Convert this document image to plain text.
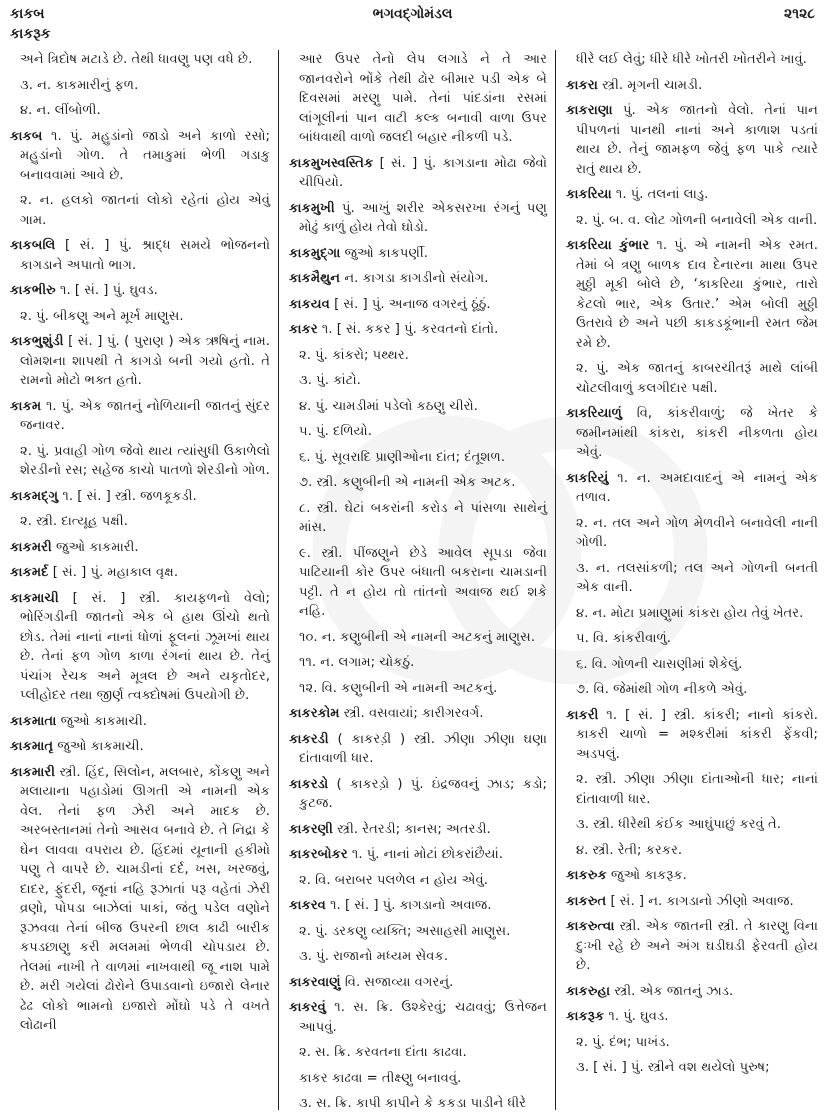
કાકબ	ભગવદ્ગોમંડલ	૨૧૨૮
કાકરૂક

અને ત્રિદોષ મટાડે છે. તેથી ધાવણુ પણ વધે છે.

૩. ન. કાકમારીનું ફળ.

૪. ન. લીંબોળી.

કાકબ ૧. પું. મહુડાંનો જાડો અને કાળો રસો; મહુડાંનો ગોળ. તે તમાકુમાં ભેળી ગડાકુ બનાવવામાં આવે છે.

૨. ન. હલકો જાતનાં લોકો રહેતાં હોય એવું ગામ.

કાકબલિ [ સં. ] પું. શ્રાદ્ધ સમયે ભોજનનો કાગડાને અપાતો ભાગ.

કાકભીરુ ૧. [ સં. ] પું. ઘુવડ.

૨. પું. બીકણુ અને મૂર્ખ માણુસ.

કાકભુશુંડી [ સં. ] પું. ( પુરાણ ) એક ઋષિનું નામ. લોમશના શાપથી તે કાગડો બની ગયો હતો. તે રામનો મોટો ભક્ત હતો.

કાકમ ૧. પું. એક જાતનું નોળિયાની જાતનું સુંદર જનાવર.

૨. પું. પ્રવાહી ગોળ જેવો થાય ત્યાંસુધી ઉકાળેલો શેરડીનો રસ; સહેજ કાચો પાતળો શેરડીનો ગોળ.

કાકમદ્ગુ ૧. [ સં. ] સ્ત્રી. જળકૂકડી.

૨. સ્ત્રી. દાત્યૂહ પક્ષી.

કાકમરી જુઓ કાકમારી.

કાકમર્દ [ સં. ] પું. મહાકાલ વૃક્ષ.

કાકમાચી [ સં. ] સ્ત્રી. કાયફળનો વેલો; ભોરિંગડીની જાતનો એક બે હાથ ઊંચો થતો છોડ. તેમાં નાનાં નાનાં ધોળાં ફૂલનાં ઝૂમખાં થાય છે. તેનાં ફળ ગોળ કાળા રંગનાં થાય છે. તેનું પંચાંગ રેચક અને મૂત્રલ છે અને યકૃતોદર, પ્લીહોદર તથા જીર્ણ ત્વક્દોષમાં ઉપયોગી છે.

કાકમાતા જુઓ કાકમાચી.

કાકમાતૃ જુઓ કાકમાચી.

કાકમારી સ્ત્રી. હિંદ, સિલોન, મલબાર, કોંકણુ અને મલાયાના પહાડોમાં ઊગતી એ નામની એક વેલ. તેનાં ફળ ઝેરી અને માદક છે. અરબસ્તાનમાં તેનો આસવ બનાવે છે. તે નિદ્રા કે ઘેન લાવવા વપરાય છે. હિંદમાં યૂનાની હકીમો પણુ તે વાપરે છે. ચામડીનાં દર્દ, ખસ, ખરજવું, દાદર, ફુંદરી, જૂનાં નહિ રૂઝાતાં પરૂ વહેતાં ઝેરી વ્રણો, પોપડા બાઝેલાં પાકાં, જંતુ પડેલ વણોને રૂઝવવા તેનાં બીજ ઉપરની છાલ કાઢી બારીક કપડછાણુ કરી મલમમાં ભેળવી ચોપડાય છે. તેલમાં નાખી તે વાળમાં નાખવાથી જૂ નાશ પામે છે. મરી ગયેલાં ઢોરોને ઉપાડવાનો ઇજારો લેનાર ઢેઢ લોકો ભામનો ઇજારો મોંઘો પડે તે વખતે લોઢાની

આર ઉપર તેનો લેપ લગાડે ને તે આર જાનવરોને ભોંકે તેથી ઢોર બીમાર પડી એક બે દિવસમાં મરણુ પામે. તેનાં પાંદડાંના રસમાં લાંગૂલીનાં પાન વાટી કલ્ક બનાવી વાળા ઉપર બાંધવાથી વાળો જલદી બહાર નીકળી પડે.

કાકમુખસ્વસ્તિક [ સં. ] પું. કાગડાના મોઢા જેવો ચીપિયો.

કાકમુખી પું. આખું શરીર એકસરખા રંગનું પણુ મોઢું કાળું હોય તેવો ઘોડો.

કાકમુદ્ગા જુઓ કાકપર્ણી.

કાકમૈથુન ન. કાગડા કાગડીનો સંયોગ.

કાકયવ [ સં. ] પું. અનાજ વગરનું ઠૂંઠું.

કાકર ૧. [ સં. કકર ] પું. કરવતનો દાંતો.

૨. પું. કાંકરો; પથ્થર.

૩. પું. કાંટો.

૪. પું. ચામડીમાં પડેલો કઠણુ ચીરો.

૫. પું. દળિયો.

૬. પું. સૂવરાદિ પ્રાણીઓના દાંત; દંતૂશળ.

૭. સ્ત્રી. કણુબીની એ નામની એક અટક.

૮. સ્ત્રી. ઘેટાં બકરાંની કરોડ ને પાંસળા સાથેનું માંસ.

૯. સ્ત્રી. પીંજણુને છેડે આવેલ સૂપડા જેવા પાટિયાની કોર ઉપર બંધાતી બકરાના ચામડાની પટ્ટી. તે ન હોય તો તાંતનો અવાજ થઈ શકે નહિ.

૧૦. ન. કણુબીની એ નામની અટકનું માણુસ.

૧૧. ન. લગામ; ચોકઠું.

૧૨. વિ. કણુબીની એ નામની અટકનું.

કાકરકોમ સ્ત્રી. વસવાયાં; કારીગરવર્ગ.

કાકરડી ( કાકરડ઼ી ) સ્ત્રી. ઝીણા ઝીણા ઘણા દાંતાવાળી ધાર.

કાકરડો ( કાકરડ઼ો ) પું. ઇંદ્રજવનું ઝાડ; કડો; કુટજ.

કાકરણી સ્ત્રી. રેતરડી; કાનસ; અતરડી.

કાકરબોકર ૧. પું. નાનાં મોટાં છોકરાંછૈયાં.

૨. વિ. બરાબર પલળેલ ન હોય એવું.

કાકરવ ૧. [ સં. ] પું. કાગડાનો અવાજ.

૨. પું. ડરકણુ વ્યક્તિ; અસાહસી માણુસ.

૩. પું. રાજાનો મધ્યમ સેવક.

કાકરવાણું વિ. સજાવ્યા વગરનું.

કાકરવું ૧. સ. ક્રિ. ઉશ્કેરવું; ચઢાવવું; ઉત્તેજન આપવું.

૨. સ. ક્રિ. કરવતના દાંતા કાઢવા.

કાકર કાઢવા = તીક્ષ્ણુ બનાવવું.

૩. સ. ક્રિ. કાપી કાપીને કે કકડા પાડીને ધીરે

ધીરે લઈ લેવું; ધીરે ધીરે ખોતરી ખોતરીને ખાવું.

કાકરા સ્ત્રી. મૃગની ચામડી.

કાકરાણા પું. એક જાતનો વેલો. તેનાં પાન પીપળનાં પાનથી નાનાં અને કાળાશ પડતાં થાય છે. તેનું જામફળ જેવું ફળ પાકે ત્યારે રાતું થાય છે.

કાકરિયા ૧. પું. તલનાં લાડુ.

૨. પું. બ. વ. લોટ ગોળની બનાવેલી એક વાની.

કાકરિયા કુંભાર ૧. પું. એ નામની એક રમત. તેમાં બે ત્રણુ બાળક દાવ દેનારના માથા ઉપર મુઠ્ઠી મૂકી બોલે છે, ‘કાકરિયા કુંભાર, તારો કેટલો ભાર, એક ઉતાર.’ એમ બોલી મુઠ્ઠી ઉતરાવે છે અને પછી કાકડકૂંભાની રમત જેમ રમે છે.

૨. પું. એક જાતનું કાબરચીતરૂં માથે લાંબી ચોટલીવાળું કલગીદાર પક્ષી.

કાકરિયાળું વિ, કાંકરીવાળું; જે ખેતર કે જમીનમાંથી કાંકરા, કાંકરી નીકળતા હોય એવું.

કાકરિયું ૧. ન. અમદાવાદનું એ નામનું એક તળાવ.

૨. ન. તલ અને ગોળ મેળવીને બનાવેલી નાની ગોળી.

૩. ન. તલસાંકળી; તલ અને ગોળની બનતી એક વાની.

૪. ન. મોટા પ્રમાણુમાં કાંકરા હોય તેવું ખેતર.

૫. વિ. કાંકરીવાળું.

૬. વિ. ગોળની ચાસણીમાં શેકેલું.

૭. વિ. જેમાંથી ગોળ નીકળે એવું.

કાકરી ૧. [ સં. ] સ્ત્રી. કાંકરી; નાનો કાંકરો. કાકરી ચાળો = મશ્કરીમાં કાંકરી ફેંકવી; અડપલું.

૨. સ્ત્રી. ઝીણા ઝીણા દાંતાઓની ધાર; નાનાં દાંતાવાળી ધાર.

૩. સ્ત્રી. ધીરેથી કંઈક આઘુંપાછું કરવું તે.

૪. સ્ત્રી. રેતી; કરકર.

કાકરુક જુઓ કાકરૂક.

કાકરુત [ સં. ] ન. કાગડાનો ઝીણો અવાજ.

કાકરુત્વા સ્ત્રી. એક જાતની સ્ત્રી. તે કારણુ વિના દુઃખી રહે છે અને અંગ ઘડીઘડી ફેરવતી હોય છે.

કાકરુહા સ્ત્રી. એક જાતનું ઝાડ.

કાકરૂક ૧. પું. ઘુવડ.

૨. પું. દંભ; પાખંડ.

૩. [ સં. ] પું. સ્ત્રીને વશ થયેલો પુરુષ;
